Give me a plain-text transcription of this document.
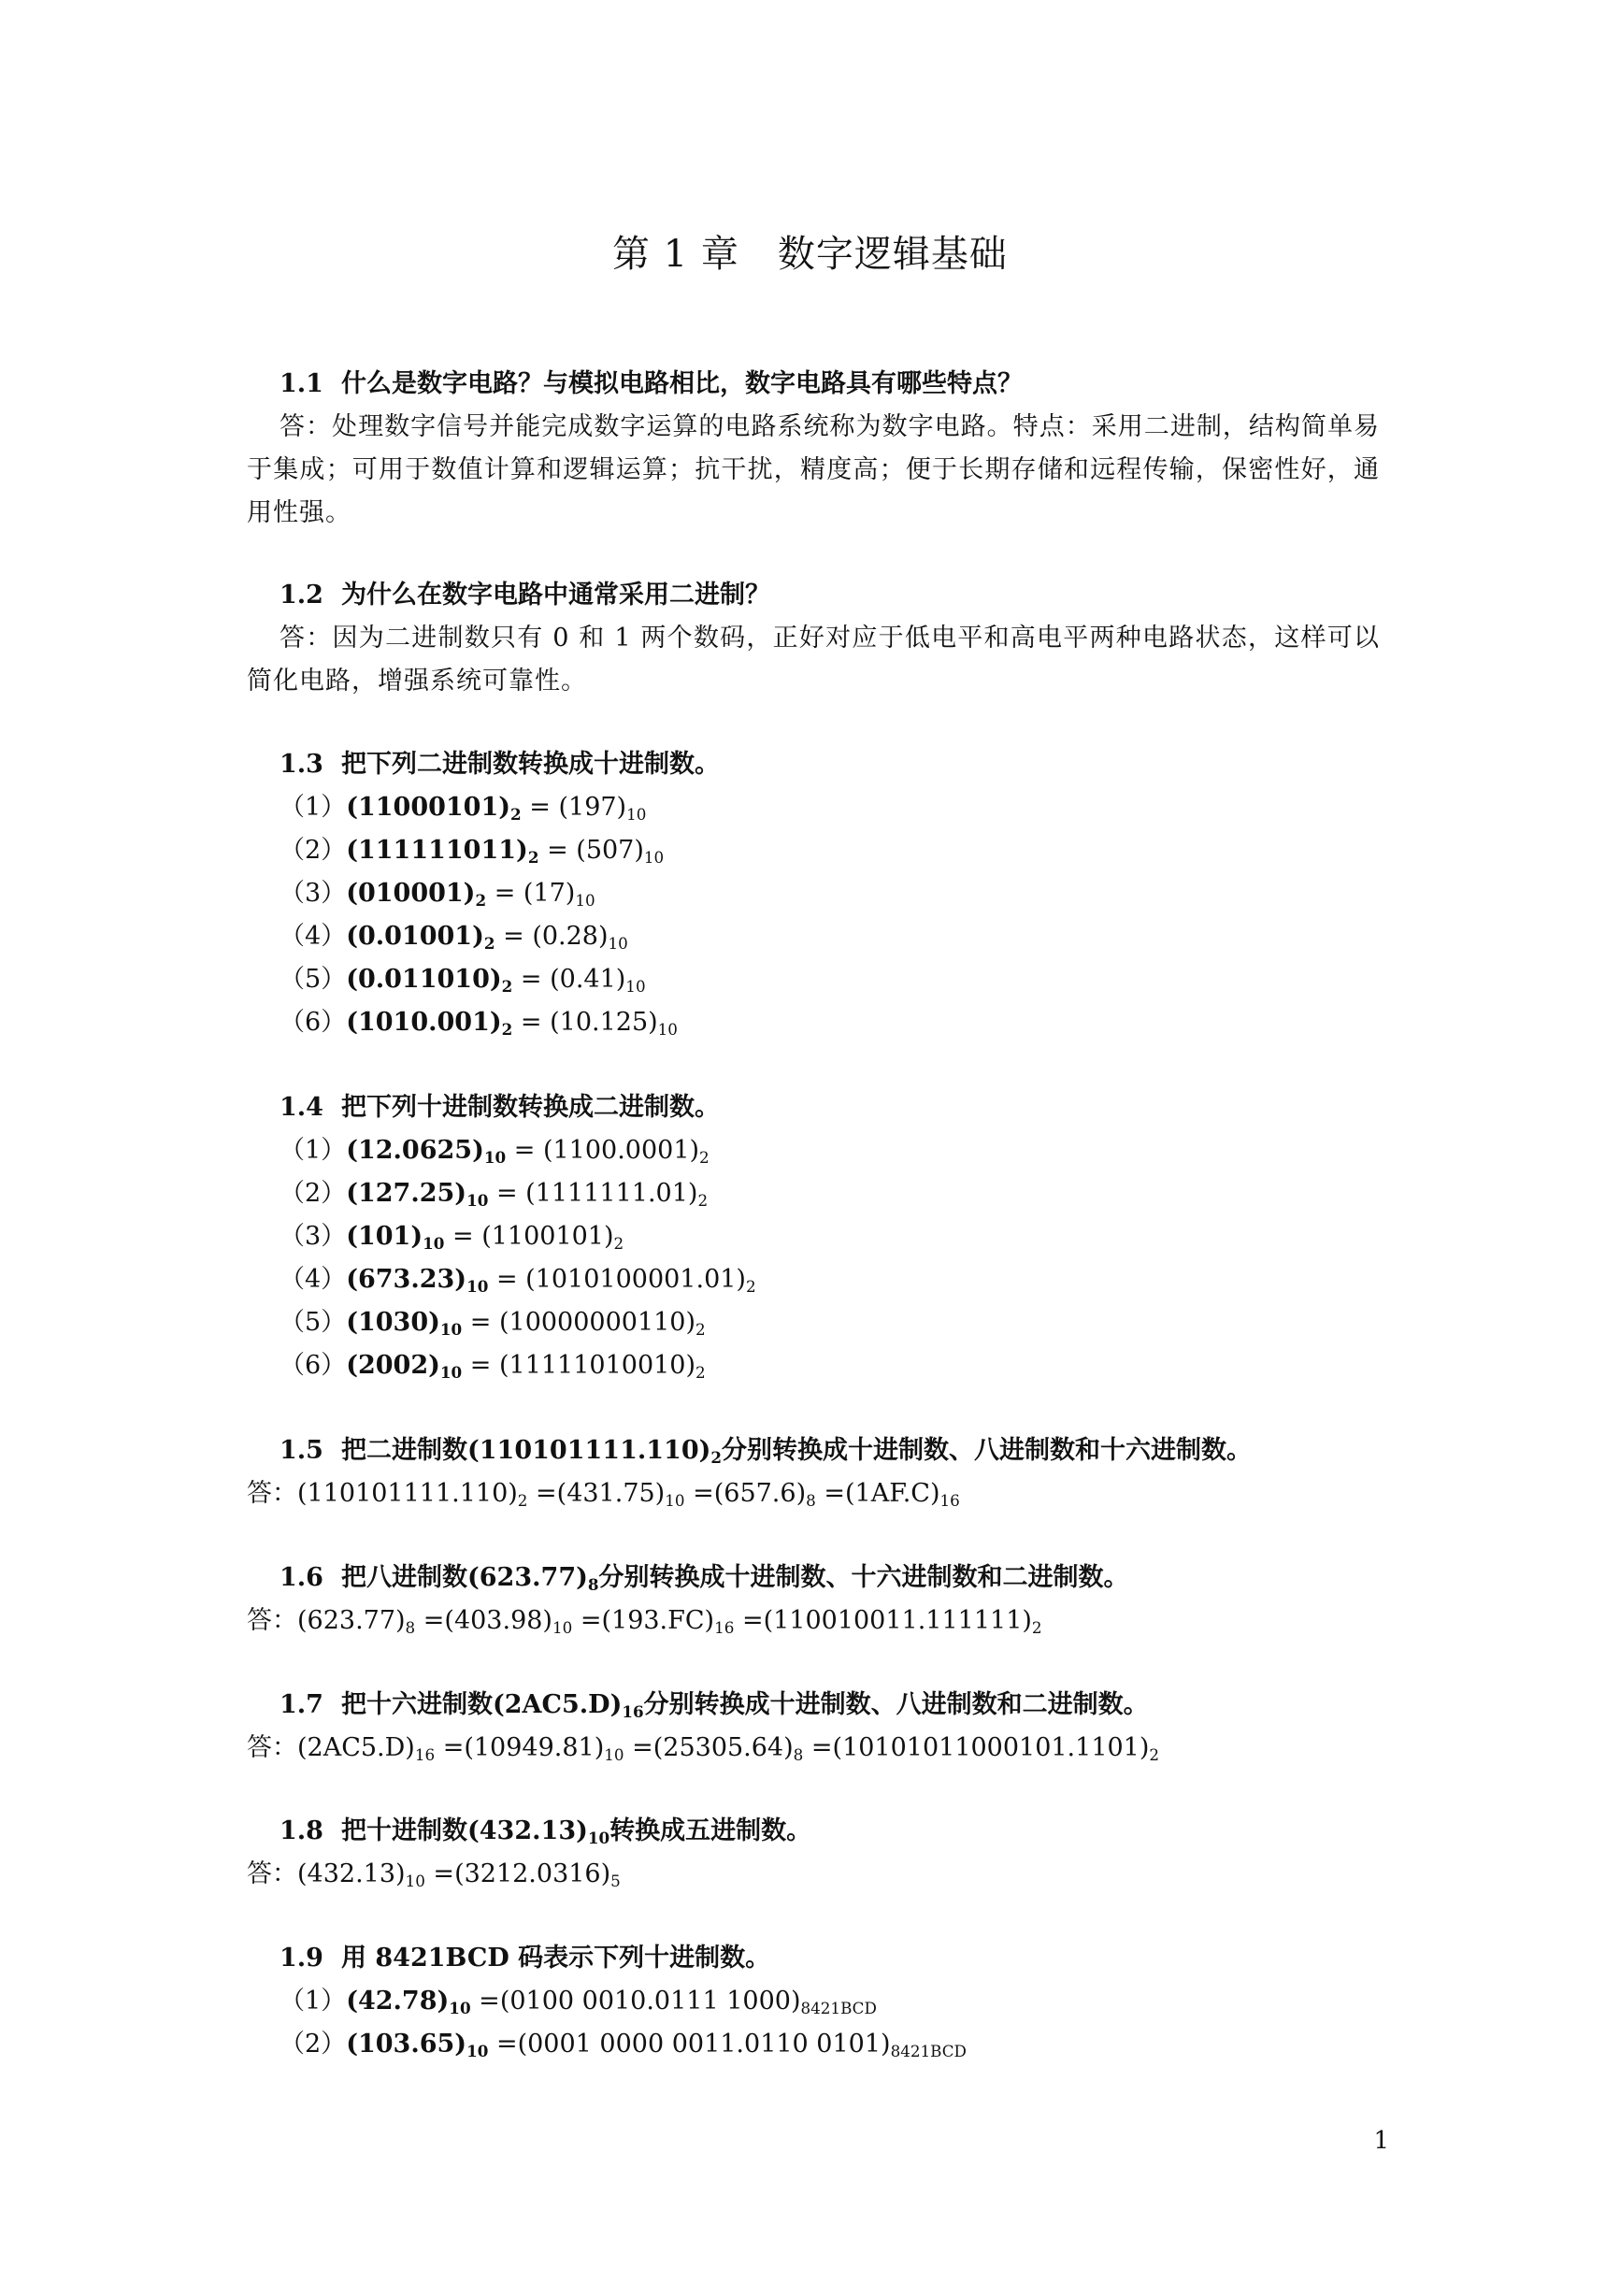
第 1 章　数字逻辑基础
1.1 什么是数字电路？与模拟电路相比，数字电路具有哪些特点？
答：处理数字信号并能完成数字运算的电路系统称为数字电路。特点：采用二进制，结构简单易于集成；可用于数值计算和逻辑运算；抗干扰，精度高；便于长期存储和远程传输，保密性好，通用性强。
1.2 为什么在数字电路中通常采用二进制？
答：因为二进制数只有 0 和 1 两个数码，正好对应于低电平和高电平两种电路状态，这样可以简化电路，增强系统可靠性。
1.3 把下列二进制数转换成十进制数。
$(1)(11000101)_2 = (197)_{10}$
$(2)(111111011)_2 = (507)_{10}$
$(3)(010001)_2 = (17)_{10}$
$(4)(0.01001)_2 = (0.28)_{10}$
$(5)(0.011010)_2 = (0.41)_{10}$
$(6)(1010.001)_2 = (10.125)_{10}$
1.4 把下列十进制数转换成二进制数。
$(1)(12.0625)_{10} = (1100.0001)_2$
$(2)(127.25)_{10} = (1111111.01)_2$
$(3)(101)_{10} = (1100101)_2$
$(4)(673.23)_{10} = (1010100001.01)_2$
$(5)(1030)_{10} = (10000000110)_2$
$(6)(2002)_{10} = (11111010010)_2$
1.5 把二进制数$(110101111.110)_2$分别转换成十进制数、八进制数和十六进制数。
答：$(110101111.110)_2 =(431.75)_{10} =(657.6)_8 =(1AF.C)_{16}$
1.6 把八进制数$(623.77)_8$分别转换成十进制数、十六进制数和二进制数。
答：$(623.77)_8 =(403.98)_{10} =(193.FC)_{16} =(110010011.111111)_2$
1.7 把十六进制数$(2AC5.D)_{16}$分别转换成十进制数、八进制数和二进制数。
答：$(2AC5.D)_{16} =(10949.81)_{10} =(25305.64)_8 =(10101011000101.1101)_2$
1.8 把十进制数$(432.13)_{10}$转换成五进制数。
答：$(432.13)_{10} =(3212.0316)_5$
1.9 用 8421BCD 码表示下列十进制数。
$(1)(42.78)_{10} =(0100$ 0010.0111 $1000)_{8421BCD}$
$(2)(103.65)_{10} =(0001$ 0000 0011.0110 $0101)_{8421BCD}$
1
